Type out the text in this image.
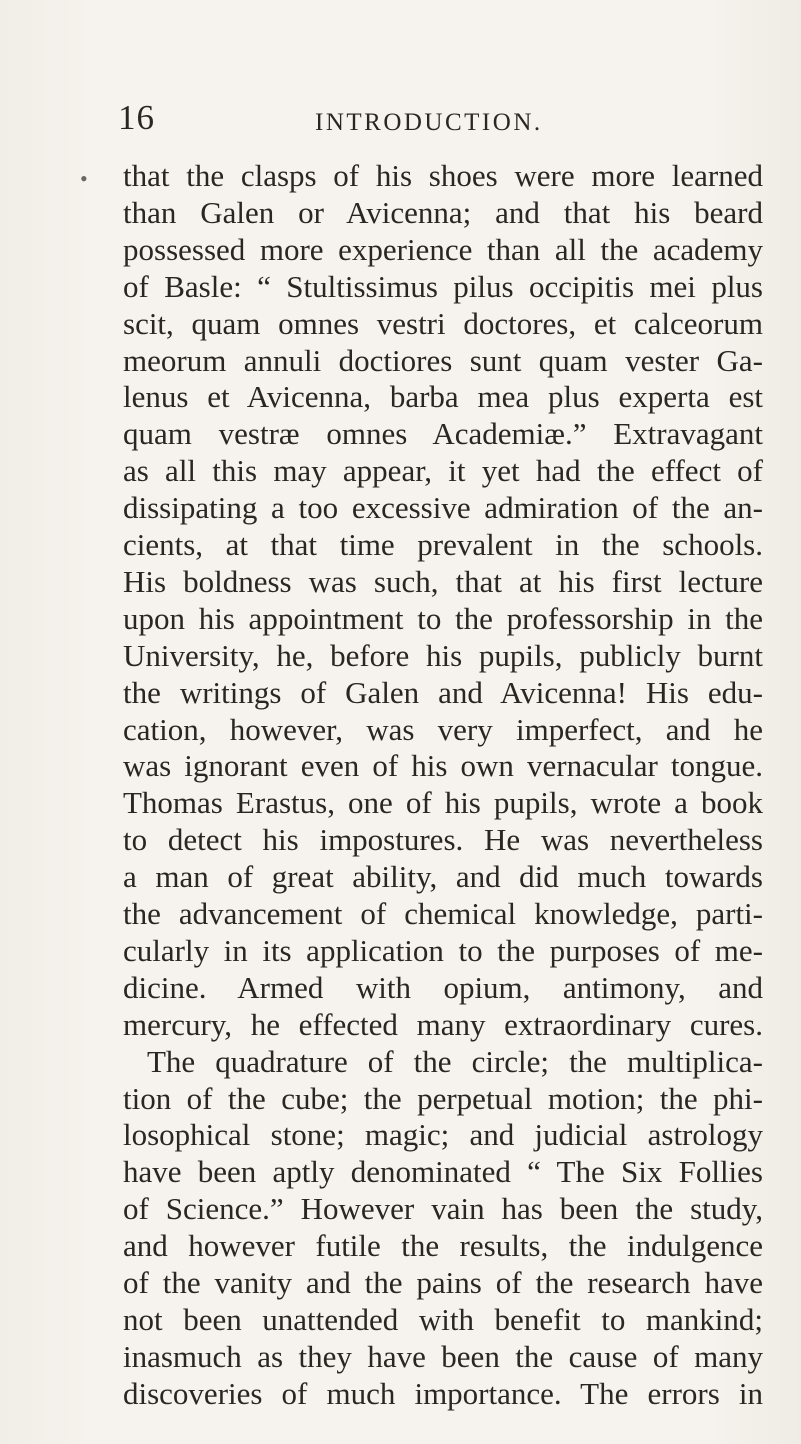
•
16	INTRODUCTION.
that the clasps of his shoes were more learned
than Galen or Avicenna; and that his beard
possessed more experience than all the academy
of Basle: “ Stultissimus pilus occipitis mei plus
scit, quam omnes vestri doctores, et calceorum
meorum annuli doctiores sunt quam vester Ga-
lenus et Avicenna, barba mea plus experta est
quam vestræ omnes Academiæ.” Extravagant
as all this may appear, it yet had the effect of
dissipating a too excessive admiration of the an-
cients, at that time prevalent in the schools.
His boldness was such, that at his first lecture
upon his appointment to the professorship in the
University, he, before his pupils, publicly burnt
the writings of Galen and Avicenna! His edu-
cation, however, was very imperfect, and he
was ignorant even of his own vernacular tongue.
Thomas Erastus, one of his pupils, wrote a book
to detect his impostures. He was nevertheless
a man of great ability, and did much towards
the advancement of chemical knowledge, parti-
cularly in its application to the purposes of me-
dicine. Armed with opium, antimony, and
mercury, he effected many extraordinary cures.
The quadrature of the circle; the multiplica-
tion of the cube; the perpetual motion; the phi-
losophical stone; magic; and judicial astrology
have been aptly denominated “ The Six Follies
of Science.” However vain has been the study,
and however futile the results, the indulgence
of the vanity and the pains of the research have
not been unattended with benefit to mankind;
inasmuch as they have been the cause of many
discoveries of much importance. The errors in
